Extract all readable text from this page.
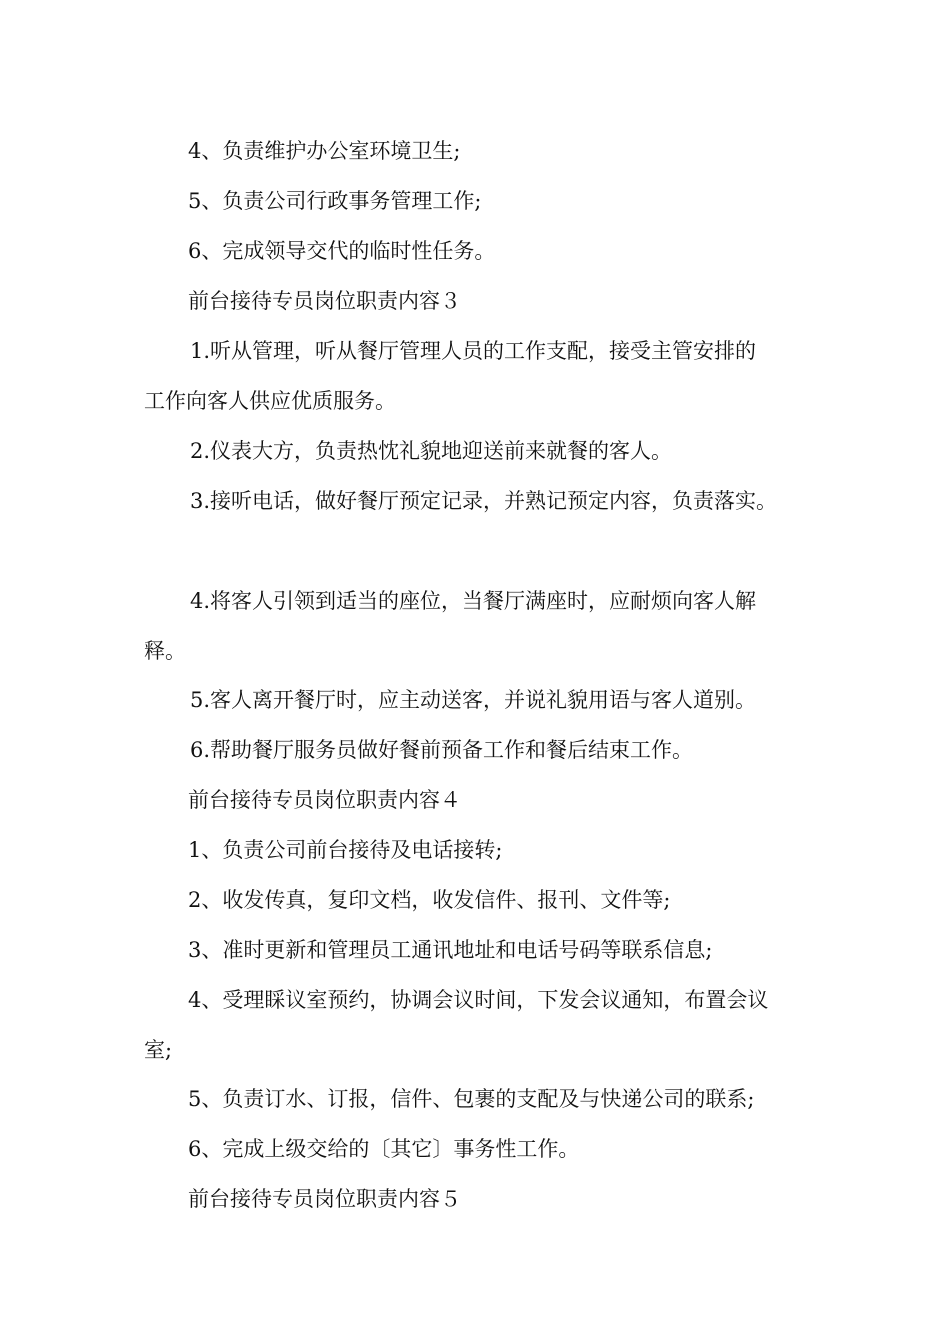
4、负责维护办公室环境卫生;
5、负责公司行政事务管理工作;
6、完成领导交代的临时性任务。
前台接待专员岗位职责内容３
1.听从管理，听从餐厅管理人员的工作支配，接受主管安排的
工作向客人供应优质服务。
2.仪表大方，负责热忱礼貌地迎送前来就餐的客人。
3.接听电话，做好餐厅预定记录，并熟记预定内容，负责落实。
4.将客人引领到适当的座位，当餐厅满座时，应耐烦向客人解
释。
5.客人离开餐厅时，应主动送客，并说礼貌用语与客人道别。
6.帮助餐厅服务员做好餐前预备工作和餐后结束工作。
前台接待专员岗位职责内容４
1、负责公司前台接待及电话接转;
2、收发传真，复印文档，收发信件、报刊、文件等;
3、准时更新和管理员工通讯地址和电话号码等联系信息;
4、受理睬议室预约，协调会议时间，下发会议通知，布置会议
室;
5、负责订水、订报，信件、包裹的支配及与快递公司的联系;
6、完成上级交给的〔其它〕事务性工作。
前台接待专员岗位职责内容５
